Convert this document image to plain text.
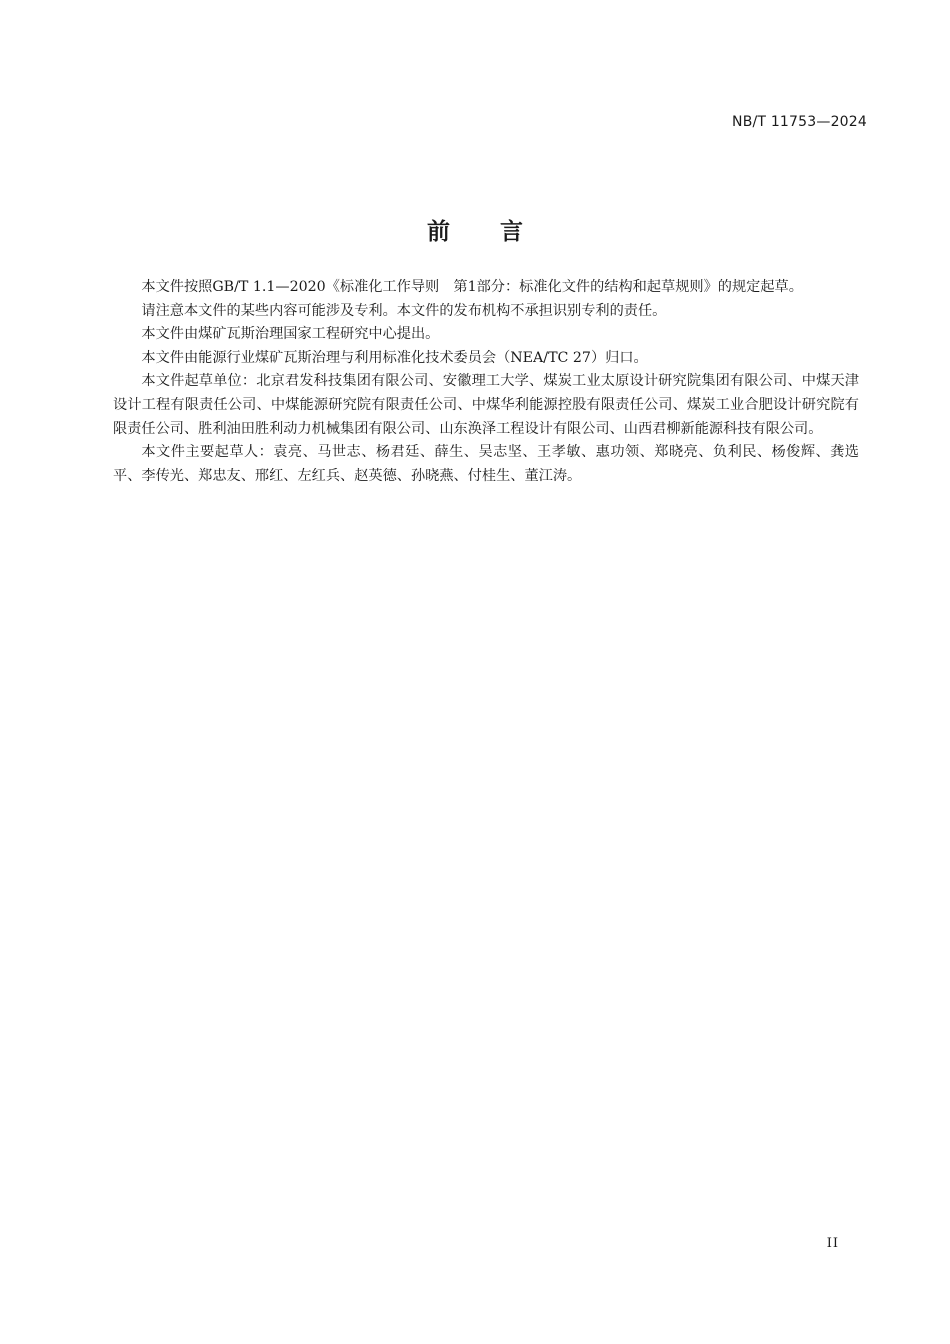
NB/T 11753—2024
前言

本文件按照GB/T 1.1—2020《标准化工作导则　第1部分：标准化文件的结构和起草规则》的规定起草。

请注意本文件的某些内容可能涉及专利。本文件的发布机构不承担识别专利的责任。

本文件由煤矿瓦斯治理国家工程研究中心提出。

本文件由能源行业煤矿瓦斯治理与利用标准化技术委员会（NEA/TC 27）归口。

本文件起草单位：北京君发科技集团有限公司、安徽理工大学、煤炭工业太原设计研究院集团有限公司、中煤天津设计工程有限责任公司、中煤能源研究院有限责任公司、中煤华利能源控股有限责任公司、煤炭工业合肥设计研究院有限责任公司、胜利油田胜利动力机械集团有限公司、山东涣泽工程设计有限公司、山西君柳新能源科技有限公司。

本文件主要起草人：袁亮、马世志、杨君廷、薛生、吴志坚、王孝敏、惠功领、郑晓亮、负利民、杨俊辉、龚选平、李传光、郑忠友、邢红、左红兵、赵英德、孙晓燕、付桂生、董江涛。

II
